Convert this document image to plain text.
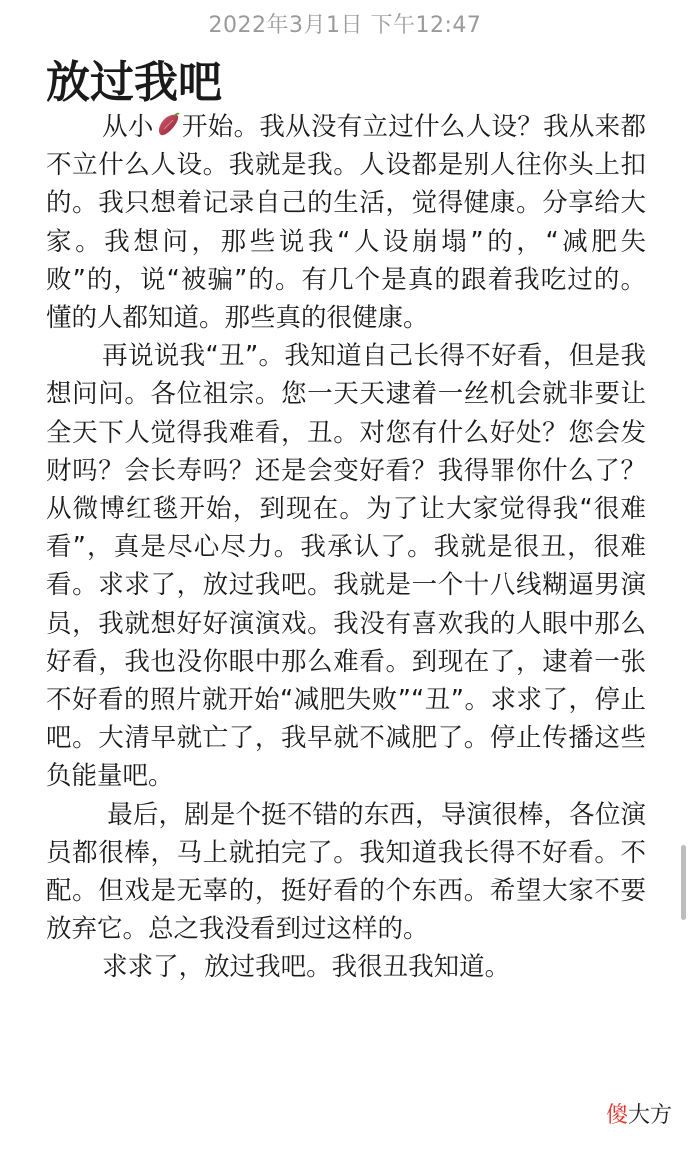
2022年3月1日 下午12:47
放过我吧

从小 开始。我从没有立过什么人设？我从来都不立什么人设。我就是我。人设都是别人往你头上扣的。我只想着记录自己的生活，觉得健康。分享给大家。我想问，那些说我“人设崩塌”的，“减肥失败”的，说“被骗”的。有几个是真的跟着我吃过的。懂的人都知道。那些真的很健康。

再说说我“丑”。我知道自己长得不好看，但是我想问问。各位祖宗。您一天天逮着一丝机会就非要让全天下人觉得我难看，丑。对您有什么好处？您会发财吗？会长寿吗？还是会变好看？我得罪你什么了？从微博红毯开始，到现在。为了让大家觉得我“很难看”，真是尽心尽力。我承认了。我就是很丑，很难看。求求了，放过我吧。我就是一个十八线糊逼男演员，我就想好好演演戏。我没有喜欢我的人眼中那么好看，我也没你眼中那么难看。到现在了，逮着一张不好看的照片就开始“减肥失败”“丑”。求求了，停止吧。大清早就亡了，我早就不减肥了。停止传播这些负能量吧。

最后，剧是个挺不错的东西，导演很棒，各位演员都很棒，马上就拍完了。我知道我长得不好看。不配。但戏是无辜的，挺好看的个东西。希望大家不要放弃它。总之我没看到过这样的。

求求了，放过我吧。我很丑我知道。

傻大方
